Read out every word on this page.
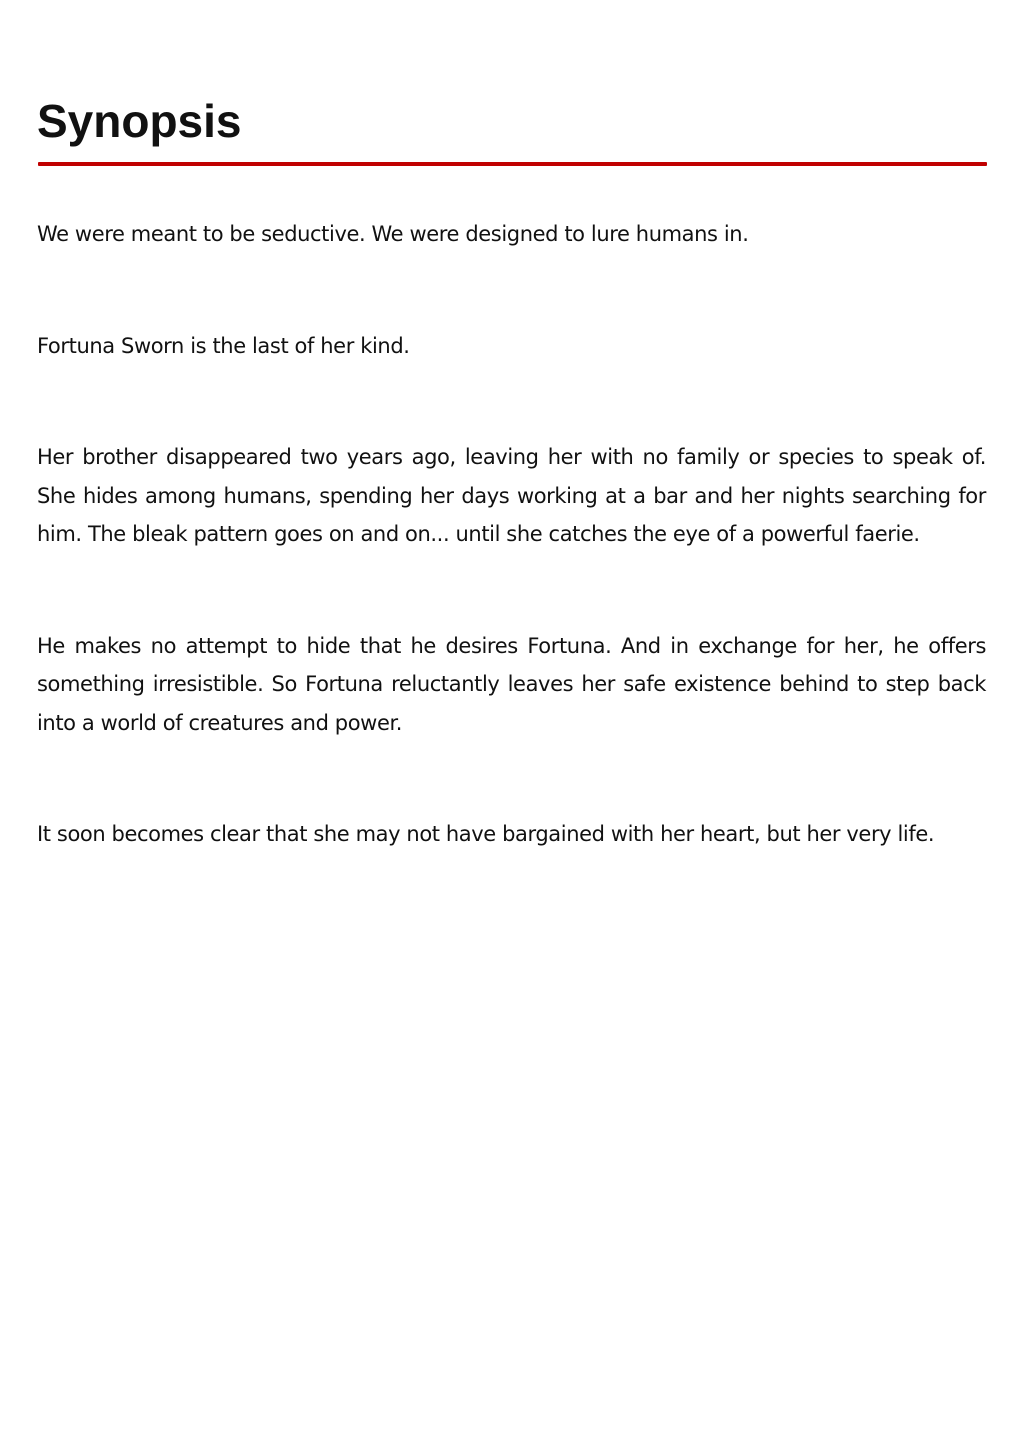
Synopsis

We were meant to be seductive. We were designed to lure humans in.

Fortuna Sworn is the last of her kind.

Her brother disappeared two years ago, leaving her with no family or species to speak of. She hides among humans, spending her days working at a bar and her nights searching for him. The bleak pattern goes on and on... until she catches the eye of a powerful faerie.

He makes no attempt to hide that he desires Fortuna. And in exchange for her, he offers something irresistible. So Fortuna reluctantly leaves her safe existence behind to step back into a world of creatures and power.

It soon becomes clear that she may not have bargained with her heart, but her very life.
